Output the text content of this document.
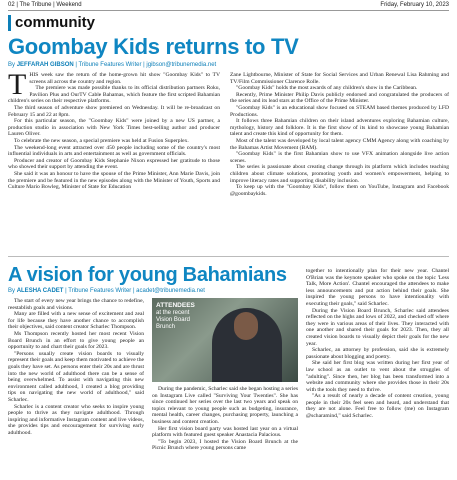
02 | The Tribune | Weekend	Friday, February 10, 2023
community
Goombay Kids returns to TV
By JEFFARAH GIBSON | Tribune Features Writer | jgibson@tribunemedia.net
T HIS week saw the return of the home-grown hit show "Goombay Kids" to TV screens all across the country and region.

The premiere was made possible thanks to its official distribution partners Roku, Pavilion Plus and OurTV Cable Bahamas, which feature the first scripted Bahamian children's series on their respective platforms.

The third season of adventure show premiered on Wednesday. It will be re-broadcast on February 15 and 22 at 8pm.

For this particular season, the "Goombay Kids" were joined by a new US partner, a production studio in association with New York Times best-selling author and producer Lauren Oliver.

To celebrate the new season, a special premiere was held at Fusion Superplex.

The weekend-long event attracted over 450 people including some of the country's most influential individuals in arts and entertainment as well as government officials.

Producer and creator of Goombay Kids Stephanie Nixon expressed her gratitude to those who showed their support by attending the event.

She said it was an honour to have the spouse of the Prime Minister, Ann Marie Davis, join the premiere and be featured in the new episodes along with the Minister of Youth, Sports and Culture Mario Bowleg, Minister of State for Education

Zane Lightbourne, Minister of State for Social Services and Urban Renewal Lisa Rahming and TV/Film Commissioner Clarence Rolle.

"Goombay Kids" holds the most awards of any children's show in the Caribbean.

Recently, Prime Minister Philip Davis publicly endorsed and congratulated the producers of the series and its lead stars at the Office of the Prime Minister.

"Goombay Kids" is an educational show focused on STEAM based themes produced by LFD Productions.

It follows three Bahamian children on their island adventures exploring Bahamian culture, mythology, history and folklore. It is the first show of its kind to showcase young Bahamian talent and create this kind of opportunity for them.

Most of the talent was developed by local talent agency CMM Agency along with coaching by the Bahamas Artist Movement (BAM).

"Goombay Kids" is the first Bahamian show to use VFX animation alongside live action scenes.

The series is passionate about creating change through its platform which includes teaching children about climate solutions, promoting youth and women's empowerment, helping to improve literacy rates and supporting disability inclusion.

To keep up with the "Goombay Kids", follow them on YouTube, Instagram and Facebook @goombaykids.

A vision for young Bahamians
By ALESHA CADET | Tribune Features Writer | acadet@tribunemedia.net

The start of every new year brings the chance to redefine, reestablish goals and visions.

Many are filled with a new sense of excitement and zeal for life because they have another chance to accomplish their objectives, said content creator Scharlec Thompson.

Ms Thompson recently hosted her most recent Vision Board Brunch in an effort to give young people an opportunity to and chart their goals for 2023.

"Persons usually create vision boards to visually represent their goals and keep them motivated to achieve the goals they have set. As persons enter their 20s and are thrust into the new world of adulthood there can be a sense of being overwhelmed. To assist with navigating this new environment called adulthood, I created a blog providing tips on navigating the new world of adulthood," said Scharlec.

Scharlec is a content creator who seeks to inspire young people to thrive as they navigate adulthood. Through inspiring and informative Instagram content and live videos, she provides tips and encouragement for surviving early adulthood.

ATTENDEES
at the recent
Vision Board
Brunch

During the pandemic, Scharlec said she began hosting a series on Instagram Live called "Surviving Your Twenties". She has since continued her series over the last two years and speak on topics relevant to young people such as budgeting, insurance, mental health, career changes, purchasing property, launching a business and content creation.

Her first vision board party was hosted last year on a virtual platform with featured guest speaker Anastacia Palacious.

"To begin 2023, I hosted the Vision Board Brunch at the Picnic Brunch where young persons came

together to intentionally plan for their new year. Chantel O'Brian was the keynote speaker who spoke on the topic 'Less Talk, More Action'. Chantel encouraged the attendees to make less announcements and put action behind their goals. She inspired the young persons to have intentionality with executing their goals," said Scharlec.

During the Vision Board Brunch, Scharlec said attendees reflected on the highs and lows of 2022, and checked off where they were in various areas of their lives. They interacted with one another and shared their goals for 2023. Then, they all created vision boards to visually depict their goals for the new year.

Scharlec, an attorney by profession, said she is extremely passionate about blogging and poetry.

She said her first blog was written during her first year of law school as an outlet to vent about the struggles of "adulting". Since then, her blog has been transformed into a website and community where she provides those in their 20s with the tools they need to thrive.

"As a result of nearly a decade of content creation, young people in their 20s feel seen and heard, and understand that they are not alone. Feel free to follow (me) on Instagram @scharamind," said Scharlec.
